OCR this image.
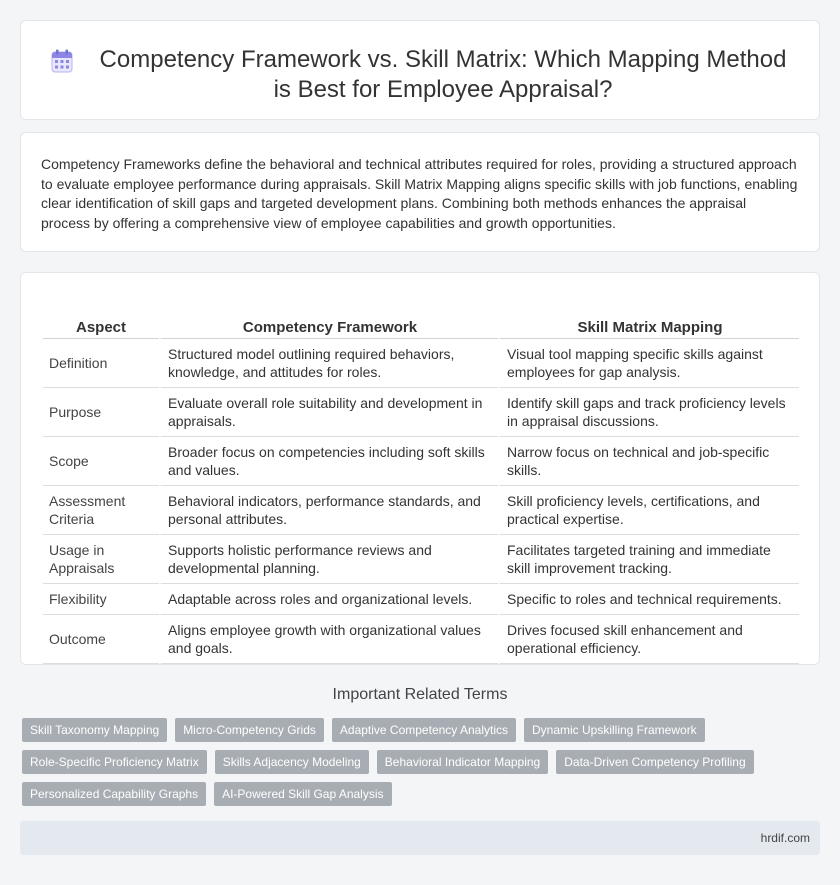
Competency Framework vs. Skill Matrix: Which Mapping Method is Best for Employee Appraisal?

Competency Frameworks define the behavioral and technical attributes required for roles, providing a structured approach to evaluate employee performance during appraisals. Skill Matrix Mapping aligns specific skills with job functions, enabling clear identification of skill gaps and targeted development plans. Combining both methods enhances the appraisal process by offering a comprehensive view of employee capabilities and growth opportunities.

Aspect	Competency Framework	Skill Matrix Mapping
Definition	Structured model outlining required behaviors, knowledge, and attitudes for roles.	Visual tool mapping specific skills against employees for gap analysis.
Purpose	Evaluate overall role suitability and development in appraisals.	Identify skill gaps and track proficiency levels in appraisal discussions.
Scope	Broader focus on competencies including soft skills and values.	Narrow focus on technical and job-specific skills.
Assessment Criteria	Behavioral indicators, performance standards, and personal attributes.	Skill proficiency levels, certifications, and practical expertise.
Usage in Appraisals	Supports holistic performance reviews and developmental planning.	Facilitates targeted training and immediate skill improvement tracking.
Flexibility	Adaptable across roles and organizational levels.	Specific to roles and technical requirements.
Outcome	Aligns employee growth with organizational values and goals.	Drives focused skill enhancement and operational efficiency.
Important Related Terms
Skill Taxonomy Mapping	Micro-Competency Grids	Adaptive Competency Analytics	Dynamic Upskilling Framework
Role-Specific Proficiency Matrix	Skills Adjacency Modeling	Behavioral Indicator Mapping	Data-Driven Competency Profiling
Personalized Capability Graphs	AI-Powered Skill Gap Analysis
hrdif.com
